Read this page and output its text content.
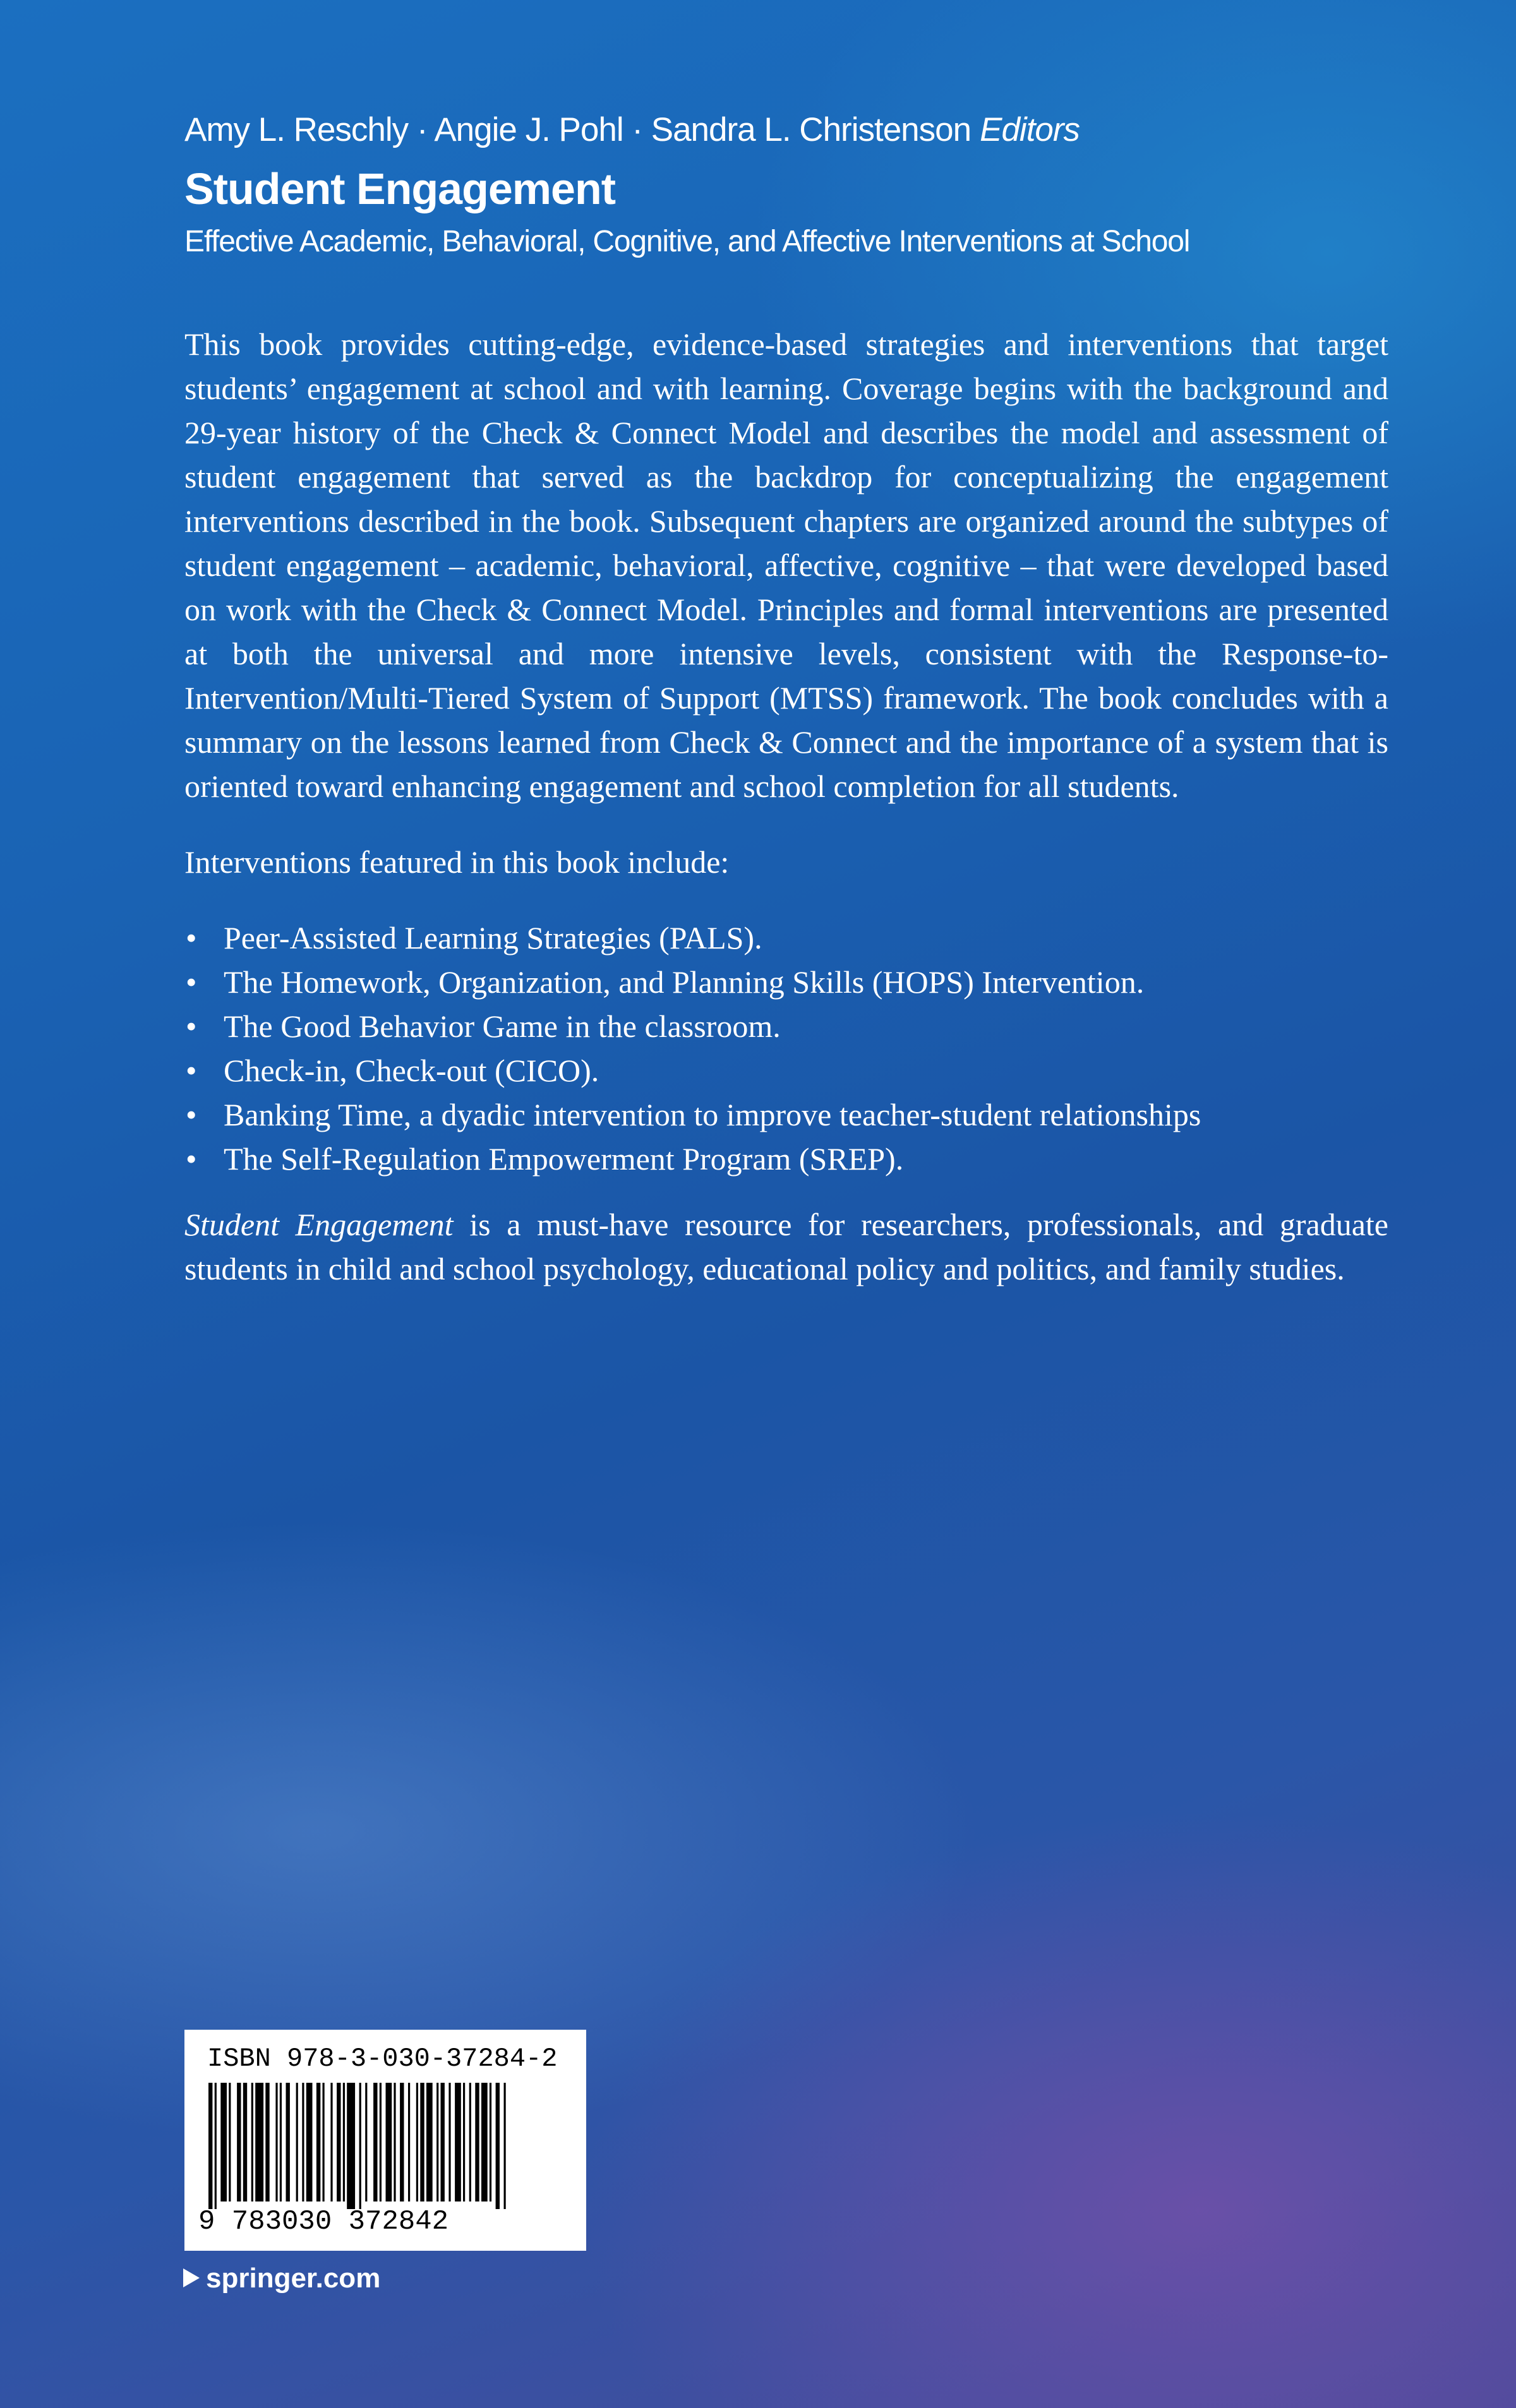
Amy L. Reschly · Angie J. Pohl · Sandra L. Christenson Editors
Student Engagement
Effective Academic, Behavioral, Cognitive, and Affective Interventions at School

This book provides cutting-edge, evidence-based strategies and interventions that target students’ engagement at school and with learning. Coverage begins with the background and 29-year history of the Check & Connect Model and describes the model and assessment of student engagement that served as the backdrop for conceptualizing the engagement interventions described in the book. Subsequent chapters are organized around the subtypes of student engagement – academic, behavioral, affective, cognitive – that were developed based on work with the Check & Connect Model. Principles and formal interventions are presented at both the universal and more intensive levels, consistent with the Response-to-Intervention/Multi-Tiered System of Support (MTSS) framework. The book concludes with a summary on the lessons learned from Check & Connect and the importance of a system that is oriented toward enhancing engagement and school completion for all students.

Interventions featured in this book include:

• Peer-Assisted Learning Strategies (PALS).
• The Homework, Organization, and Planning Skills (HOPS) Intervention.
• The Good Behavior Game in the classroom.
• Check-in, Check-out (CICO).
• Banking Time, a dyadic intervention to improve teacher-student relationships
• The Self-Regulation Empowerment Program (SREP).

Student Engagement is a must-have resource for researchers, professionals, and graduate students in child and school psychology, educational policy and politics, and family studies.

ISBN 978-3-030-37284-2
9 783030 372842
springer.com
